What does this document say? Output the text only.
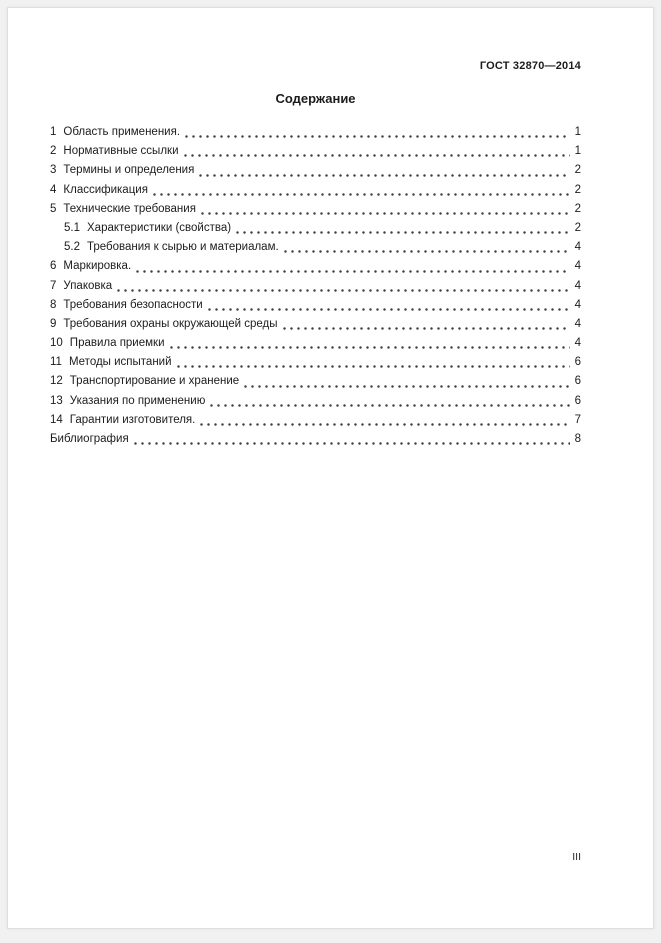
ГОСТ 32870—2014
Содержание
1 Область применения.	1
2 Нормативные ссылки	1
3 Термины и определения	2
4 Классификация	2
5 Технические требования	2
5.1 Характеристики (свойства)	2
5.2 Требования к сырью и материалам.	4
6 Маркировка.	4
7 Упаковка	4
8 Требования безопасности	4
9 Требования охраны окружающей среды	4
10 Правила приемки	4
11 Методы испытаний	6
12 Транспортирование и хранение	6
13 Указания по применению	6
14 Гарантии изготовителя.	7
Библиография	8
III
